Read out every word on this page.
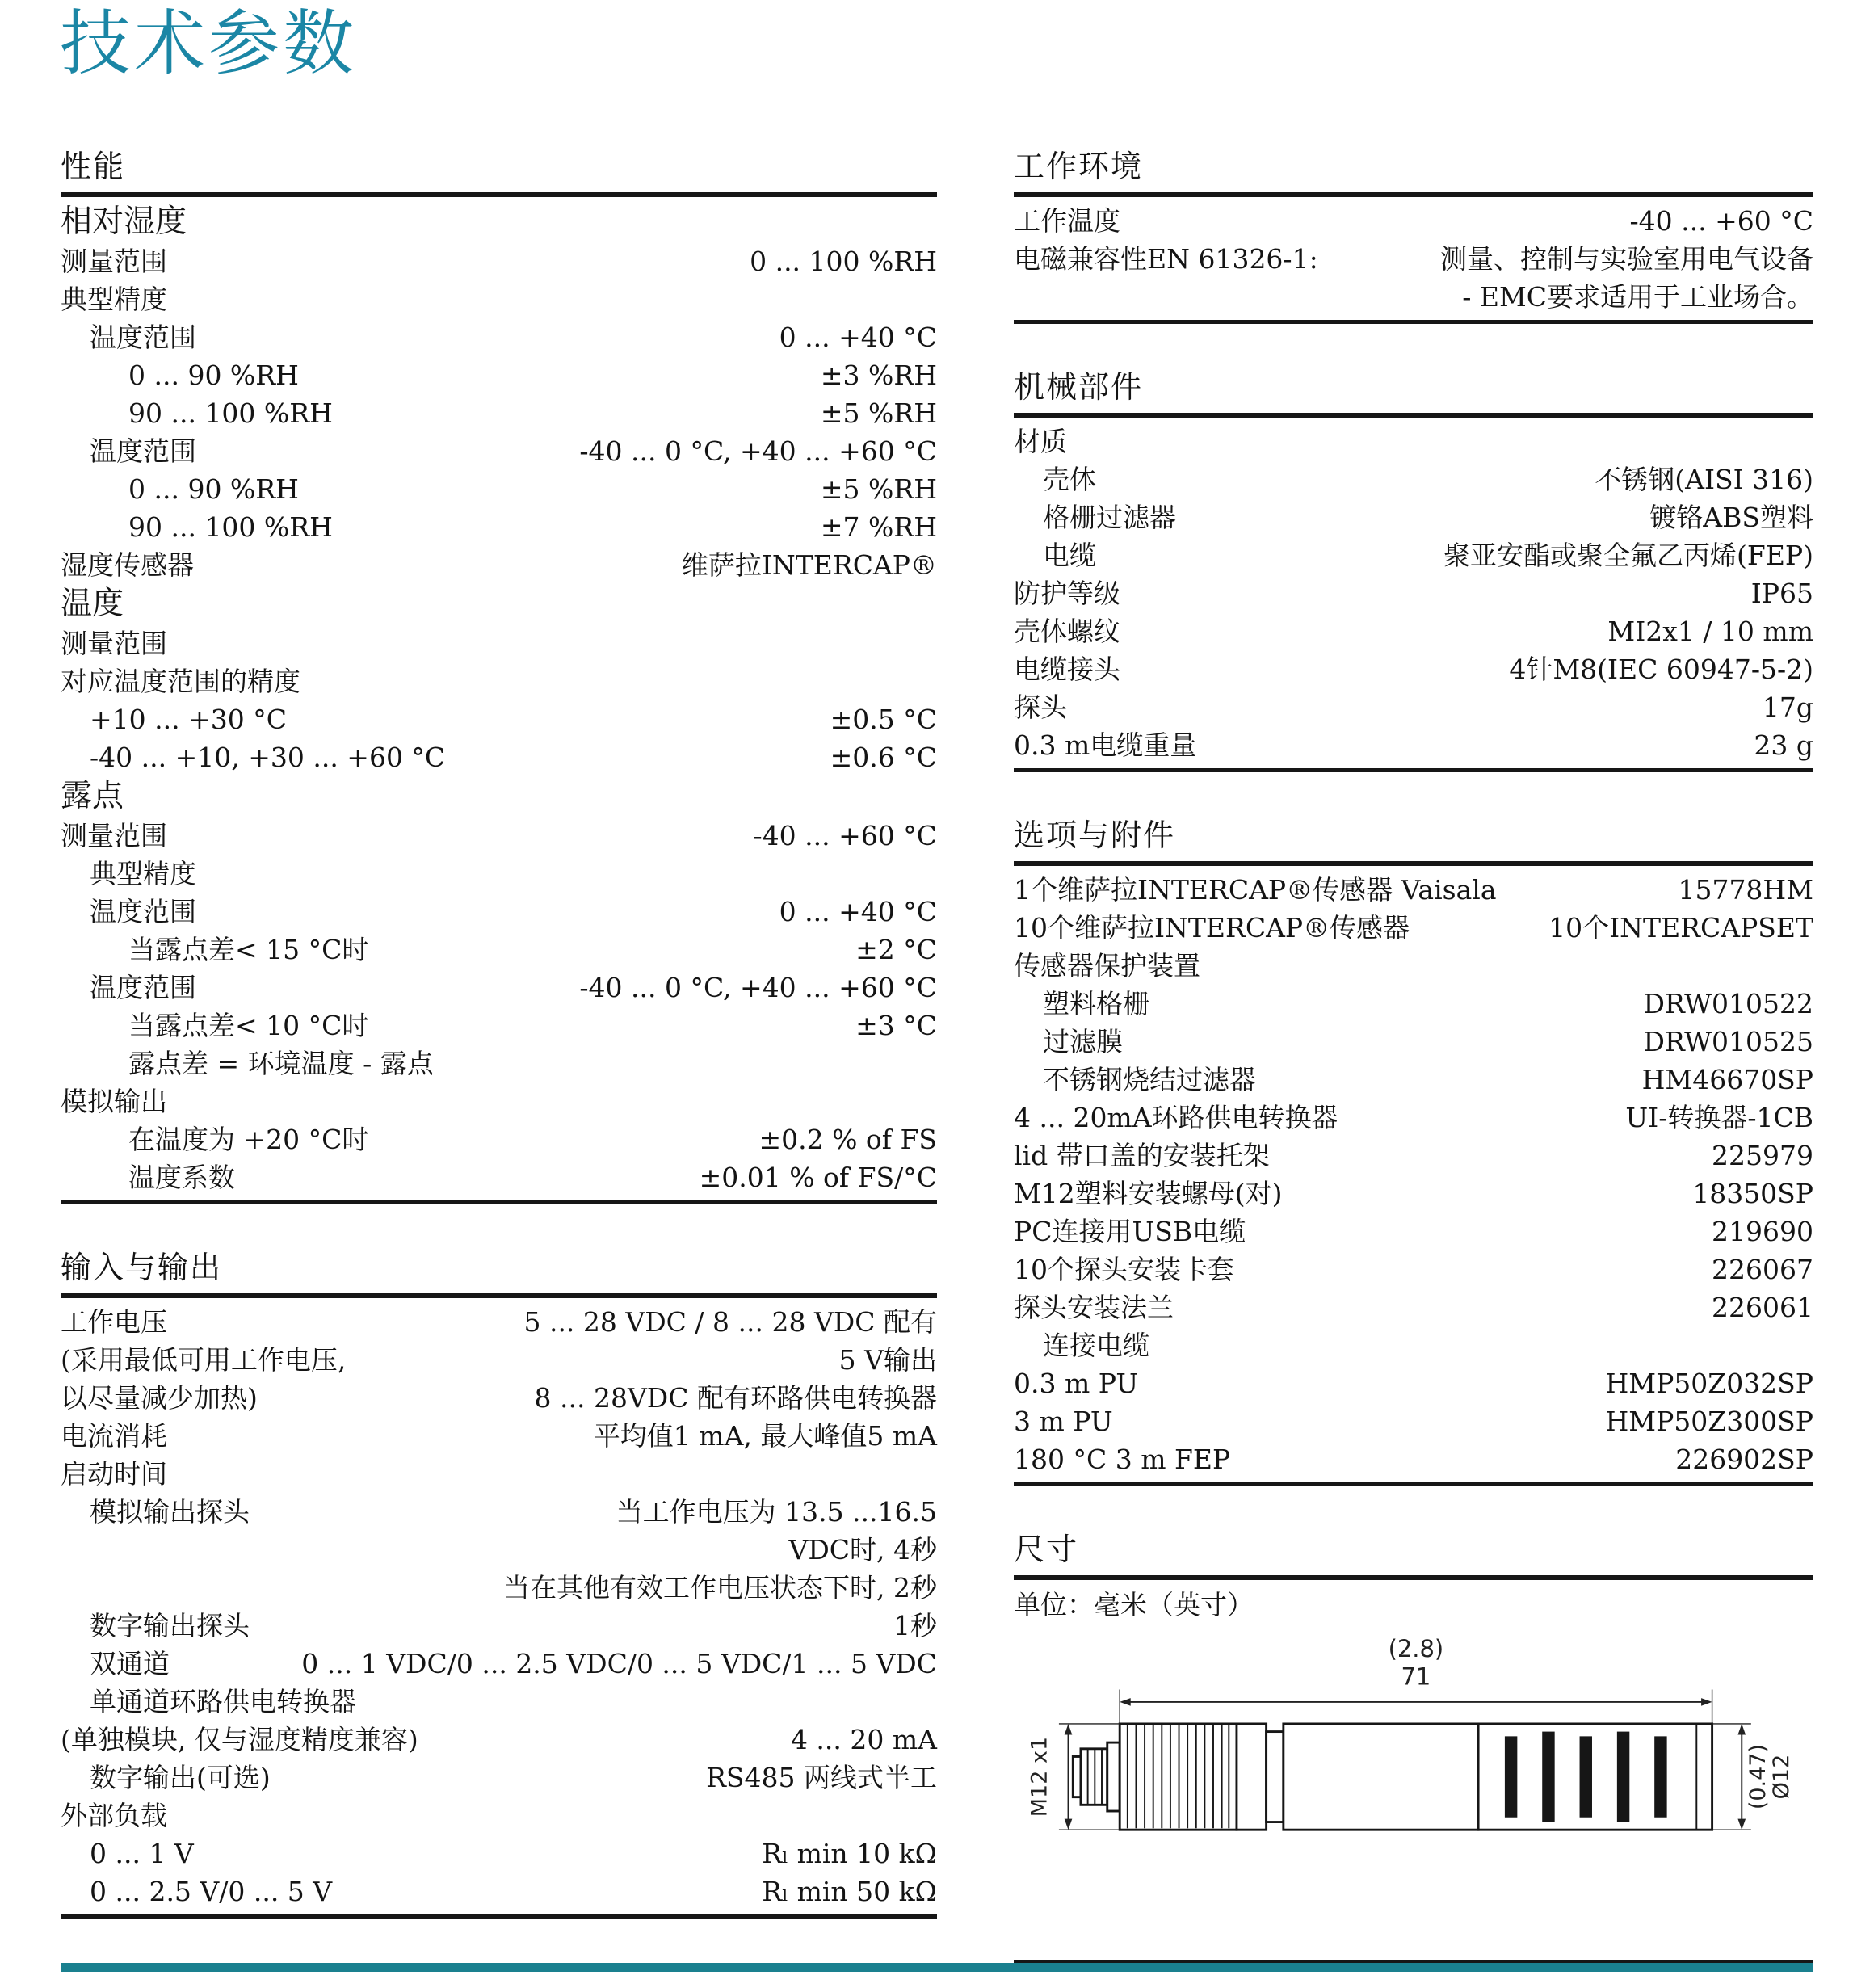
技术参数
性能
相对湿度
测量范围	0 ... 100 %RH
典型精度
温度范围	0 ... +40 °C
0 ... 90 %RH	±3 %RH
90 ... 100 %RH	±5 %RH
温度范围	-40 ... 0 °C, +40 ... +60 °C
0 ... 90 %RH	±5 %RH
90 ... 100 %RH	±7 %RH
湿度传感器	维萨拉INTERCAP®
温度
测量范围
对应温度范围的精度
+10 ... +30 °C	±0.5 °C
-40 ... +10, +30 ... +60 °C	±0.6 °C
露点
测量范围	-40 ... +60 °C
典型精度
温度范围	0 ... +40 °C
当露点差< 15 °C时	±2 °C
温度范围	-40 ... 0 °C, +40 ... +60 °C
当露点差< 10 °C时	±3 °C
露点差 = 环境温度 - 露点
模拟输出
在温度为 +20 °C时	±0.2 % of FS
温度系数	±0.01 % of FS/°C
输入与输出
工作电压	5 ... 28 VDC / 8 ... 28 VDC 配有
(采用最低可用工作电压,	5 V输出
以尽量减少加热)	8 ... 28VDC 配有环路供电转换器
电流消耗	平均值1 mA, 最大峰值5 mA
启动时间
模拟输出探头	当工作电压为 13.5 ...16.5
VDC时, 4秒
当在其他有效工作电压状态下时, 2秒
数字输出探头	1秒
双通道	0 ... 1 VDC/0 ... 2.5 VDC/0 ... 5 VDC/1 ... 5 VDC
单通道环路供电转换器
(单独模块, 仅与湿度精度兼容)	4 ... 20 mA
数字输出(可选)	RS485 两线式半工
外部负载
0 ... 1 V	Rₗ min 10 kΩ
0 ... 2.5 V/0 ... 5 V	Rₗ min 50 kΩ
工作环境
工作温度	-40 ... +60 °C
电磁兼容性EN 61326-1:	测量、控制与实验室用电气设备
- EMC要求适用于工业场合。
机械部件
材质
壳体	不锈钢(AISI 316)
格栅过滤器	镀铬ABS塑料
电缆	聚亚安酯或聚全氟乙丙烯(FEP)
防护等级	IP65
壳体螺纹	MI2x1 / 10 mm
电缆接头	4针M8(IEC 60947-5-2)
探头	17g
0.3 m电缆重量	23 g
选项与附件
1个维萨拉INTERCAP®传感器 Vaisala	15778HM
10个维萨拉INTERCAP®传感器	10个INTERCAPSET
传感器保护装置
塑料格栅	DRW010522
过滤膜	DRW010525
不锈钢烧结过滤器	HM46670SP
4 ... 20mA环路供电转换器	UI-转换器-1CB
lid 带口盖的安装托架	225979
M12塑料安装螺母(对)	18350SP
PC连接用USB电缆	219690
10个探头安装卡套	226067
探头安装法兰	226061
连接电缆
0.3 m PU	HMP50Z032SP
3 m PU	HMP50Z300SP
180 °C 3 m FEP	226902SP
尺寸
单位：毫米（英寸）
(2.8)
71
M12 x1	(0.47)
Ø12
